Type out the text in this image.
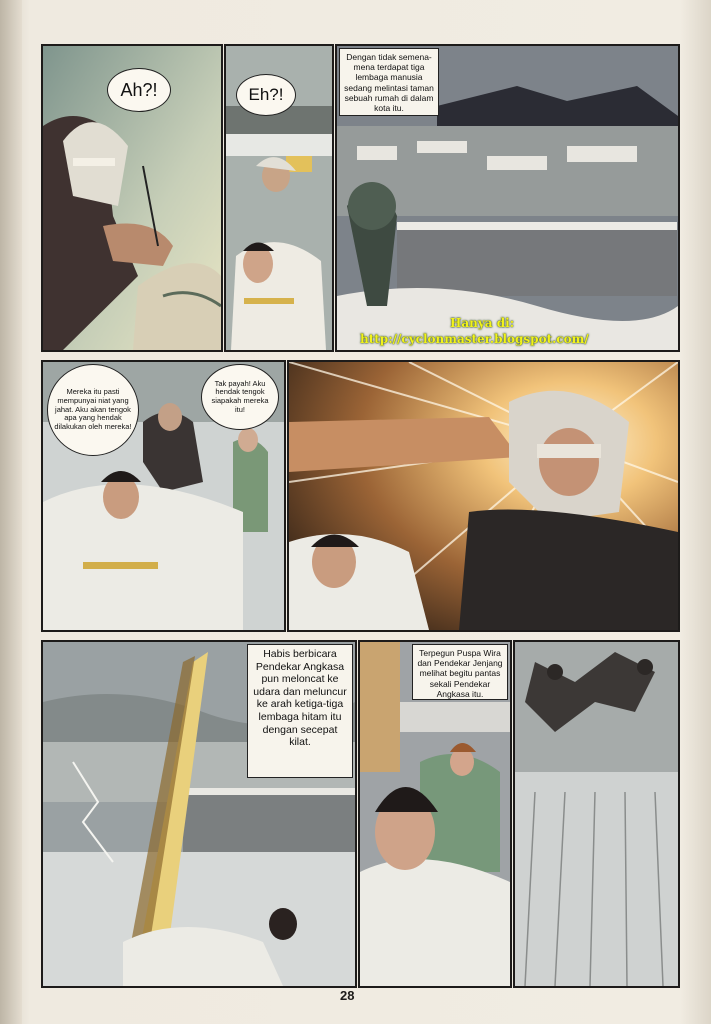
Ah?!	Eh?!
Dengan tidak semena-mena terdapat tiga lembaga manusia sedang melintasi taman sebuah rumah di dalam kota itu.
Hanya di:
http://cyclonmaster.blogspot.com/
Mereka itu pasti mempunyai niat yang jahat. Aku akan tengok apa yang hendak dilakukan oleh mereka!
Tak payah! Aku hendak tengok siapakah mereka itu!
Habis berbicara Pendekar Angkasa pun meloncat ke udara dan meluncur ke arah ketiga-tiga lembaga hitam itu dengan secepat kilat.
Terpegun Puspa Wira dan Pendekar Jenjang melihat begitu pantas sekali Pendekar Angkasa itu.
28
